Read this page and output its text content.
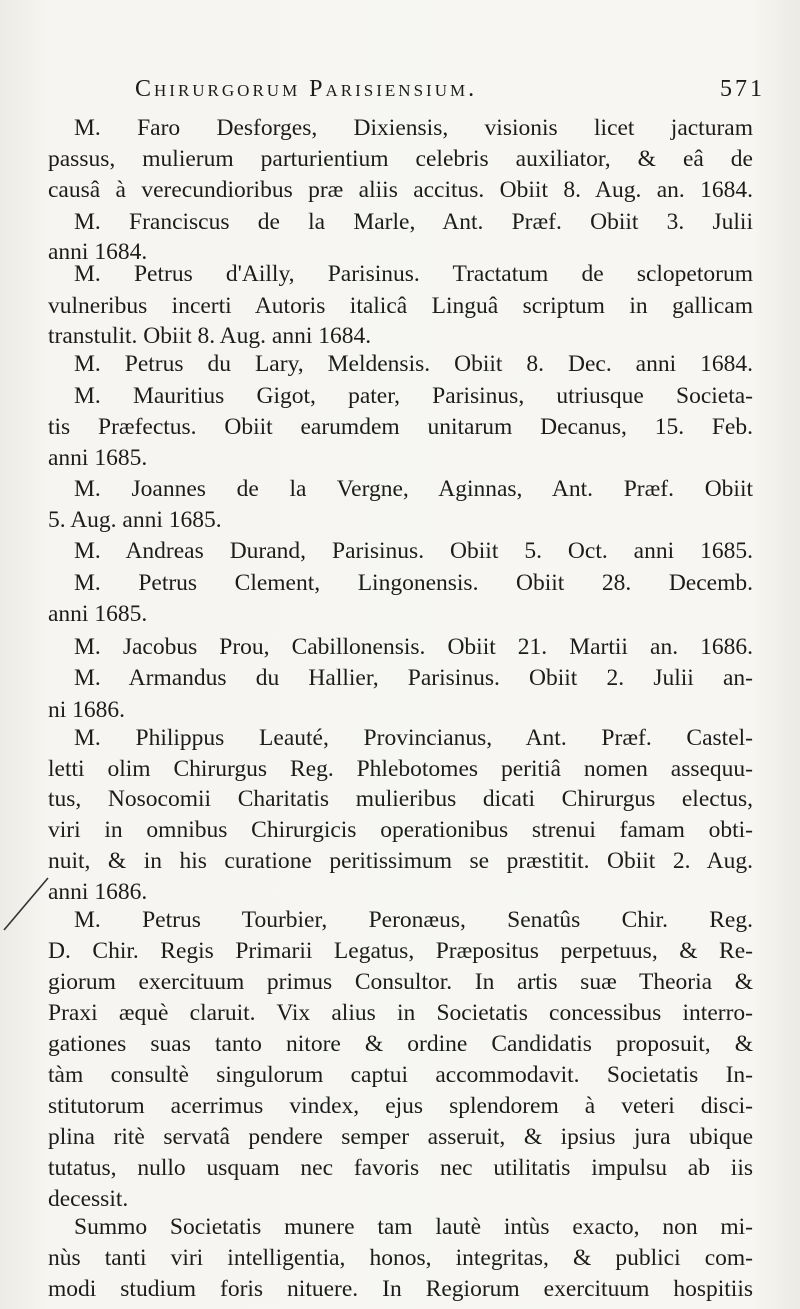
Chirurgorum Parisiensium.	571
M. Faro Desforges, Dixiensis, visionis licet jacturam
passus, mulierum parturientium celebris auxiliator, & eâ de
causâ à verecundioribus præ aliis accitus. Obiit 8. Aug. an. 1684.
M. Franciscus de la Marle, Ant. Præf. Obiit 3. Julii
anni 1684.
M. Petrus d'Ailly, Parisinus. Tractatum de sclopetorum
vulneribus incerti Autoris italicâ Linguâ scriptum in gallicam
transtulit. Obiit 8. Aug. anni 1684.
M. Petrus du Lary, Meldensis. Obiit 8. Dec. anni 1684.
M. Mauritius Gigot, pater, Parisinus, utriusque Societa-
tis Præfectus. Obiit earumdem unitarum Decanus, 15. Feb.
anni 1685.
M. Joannes de la Vergne, Aginnas, Ant. Præf. Obiit
5. Aug. anni 1685.
M. Andreas Durand, Parisinus. Obiit 5. Oct. anni 1685.
M. Petrus Clement, Lingonensis. Obiit 28. Decemb.
anni 1685.
M. Jacobus Prou, Cabillonensis. Obiit 21. Martii an. 1686.
M. Armandus du Hallier, Parisinus. Obiit 2. Julii an-
ni 1686.
M. Philippus Leauté, Provincianus, Ant. Præf. Castel-
letti olim Chirurgus Reg. Phlebotomes peritiâ nomen assequu-
tus, Nosocomii Charitatis mulieribus dicati Chirurgus electus,
viri in omnibus Chirurgicis operationibus strenui famam obti-
nuit, & in his curatione peritissimum se præstitit. Obiit 2. Aug.
anni 1686.
M. Petrus Tourbier, Peronæus, Senatûs Chir. Reg.
D. Chir. Regis Primarii Legatus, Præpositus perpetuus, & Re-
giorum exercituum primus Consultor. In artis suæ Theoria &
Praxi æquè claruit. Vix alius in Societatis concessibus interro-
gationes suas tanto nitore & ordine Candidatis proposuit, &
tàm consultè singulorum captui accommodavit. Societatis In-
stitutorum acerrimus vindex, ejus splendorem à veteri disci-
plina ritè servatâ pendere semper asseruit, & ipsius jura ubique
tutatus, nullo usquam nec favoris nec utilitatis impulsu ab iis
decessit.
Summo Societatis munere tam lautè intùs exacto, non mi-
nùs tanti viri intelligentia, honos, integritas, & publici com-
modi studium foris nituere. In Regiorum exercituum hospitiis
